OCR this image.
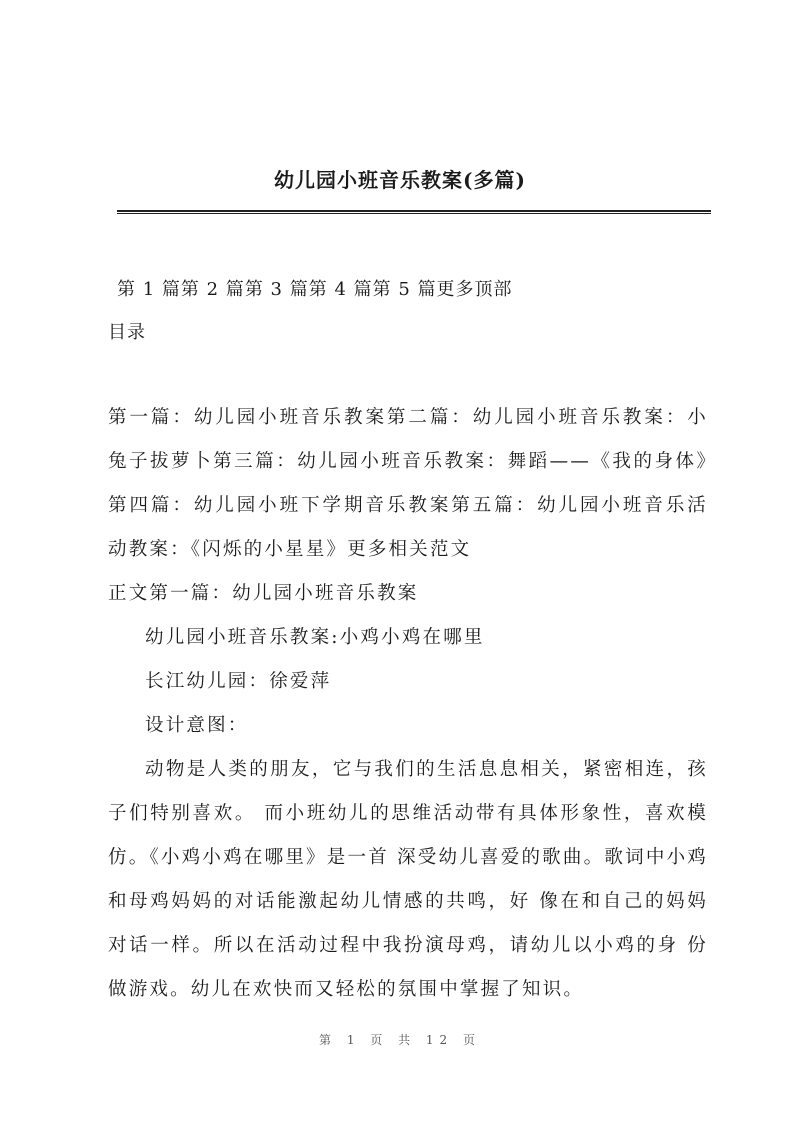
幼儿园小班音乐教案(多篇)
第 1 篇第 2 篇第 3 篇第 4 篇第 5 篇更多顶部
目录

第一篇：幼儿园小班音乐教案第二篇：幼儿园小班音乐教案：小兔子拔萝卜第三篇：幼儿园小班音乐教案：舞蹈——《我的身体》第四篇：幼儿园小班下学期音乐教案第五篇：幼儿园小班音乐活动教案：《闪烁的小星星》更多相关范文

正文第一篇：幼儿园小班音乐教案

幼儿园小班音乐教案:小鸡小鸡在哪里

长江幼儿园：徐爱萍

设计意图：

动物是人类的朋友，它与我们的生活息息相关，紧密相连，孩子们特别喜欢。 而小班幼儿的思维活动带有具体形象性，喜欢模仿。《小鸡小鸡在哪里》是一首 深受幼儿喜爱的歌曲。歌词中小鸡和母鸡妈妈的对话能激起幼儿情感的共鸣，好 像在和自己的妈妈对话一样。所以在活动过程中我扮演母鸡，请幼儿以小鸡的身 份做游戏。幼儿在欢快而又轻松的氛围中掌握了知识。

第 1 页 共 12 页
